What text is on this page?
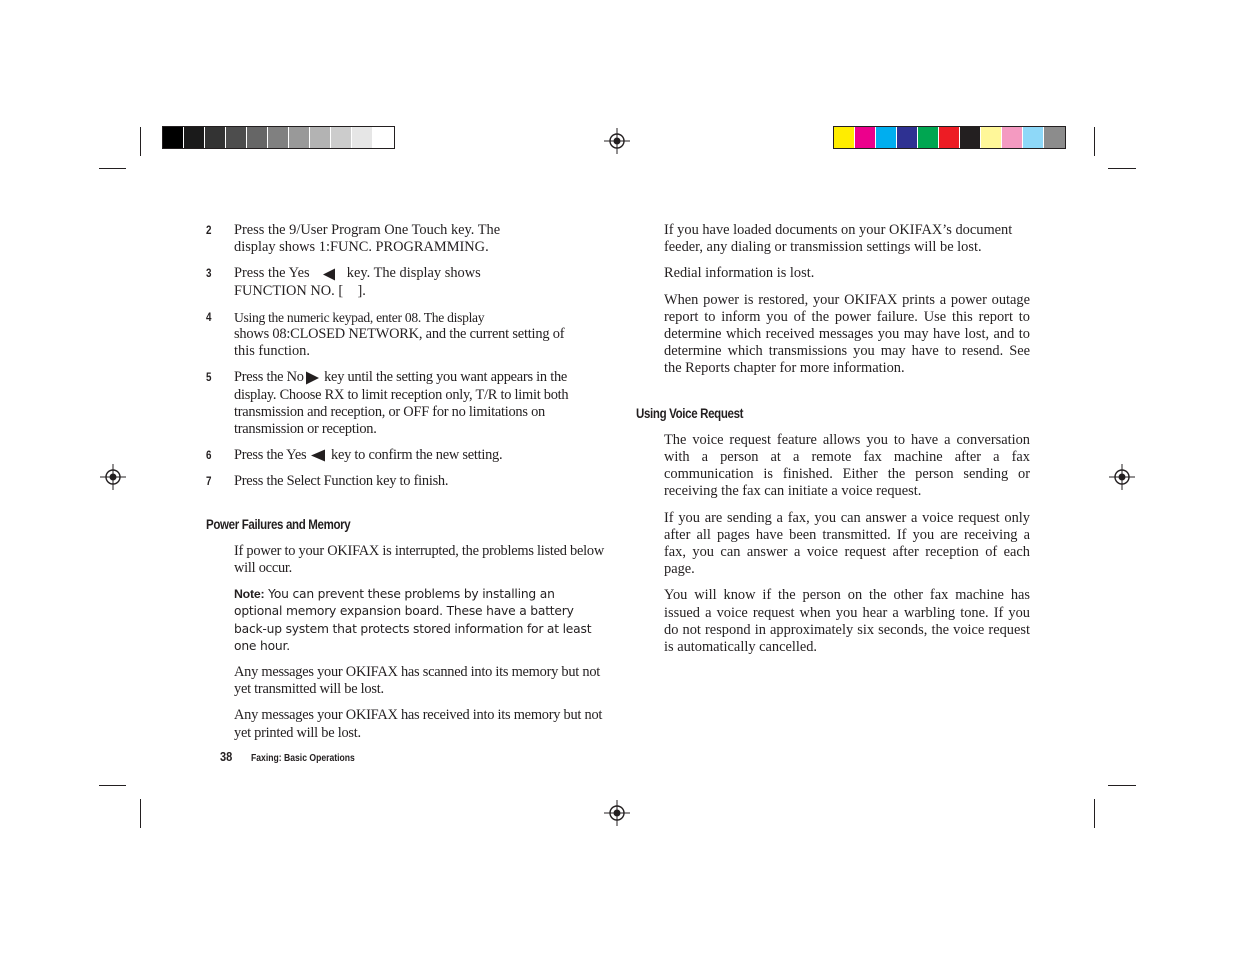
2 Press the 9/User Program One Touch key. The
display shows 1:FUNC. PROGRAMMING.
3 Press the Yes	key. The display shows
FUNCTION NO. [    ].
4 Using the numeric keypad, enter 08. The display
shows 08:CLOSED NETWORK, and the current setting of
this function.
5 Press the No key until the setting you want appears in the display. Choose RX to limit reception only, T/R to limit both transmission and reception, or OFF for no limitations on transmission or reception.
6 Press the Yes key to confirm the new setting.
7 Press the Select Function key to finish.
Power Failures and Memory

If power to your OKIFAX is interrupted, the problems listed below will occur.

Note: You can prevent these problems by installing an optional memory expansion board. These have a battery back-up system that protects stored information for at least one hour.

Any messages your OKIFAX has scanned into its memory but not yet transmitted will be lost.

Any messages your OKIFAX has received into its memory but not yet printed will be lost.

38 Faxing: Basic Operations

If you have loaded documents on your OKIFAX’s document feeder, any dialing or transmission settings will be lost.

Redial information is lost.

When power is restored, your OKIFAX prints a power outage report to inform you of the power failure. Use this report to determine which received messages you may have lost, and to determine which transmissions you may have to resend. See the Reports chapter for more information.

Using Voice Request

The voice request feature allows you to have a conversation with a person at a remote fax machine after a fax communication is finished. Either the person sending or receiving the fax can initiate a voice request.

If you are sending a fax, you can answer a voice request only after all pages have been transmitted. If you are receiving a fax, you can answer a voice request after reception of each page.

You will know if the person on the other fax machine has issued a voice request when you hear a warbling tone. If you do not respond in approximately six seconds, the voice request is automatically cancelled.
